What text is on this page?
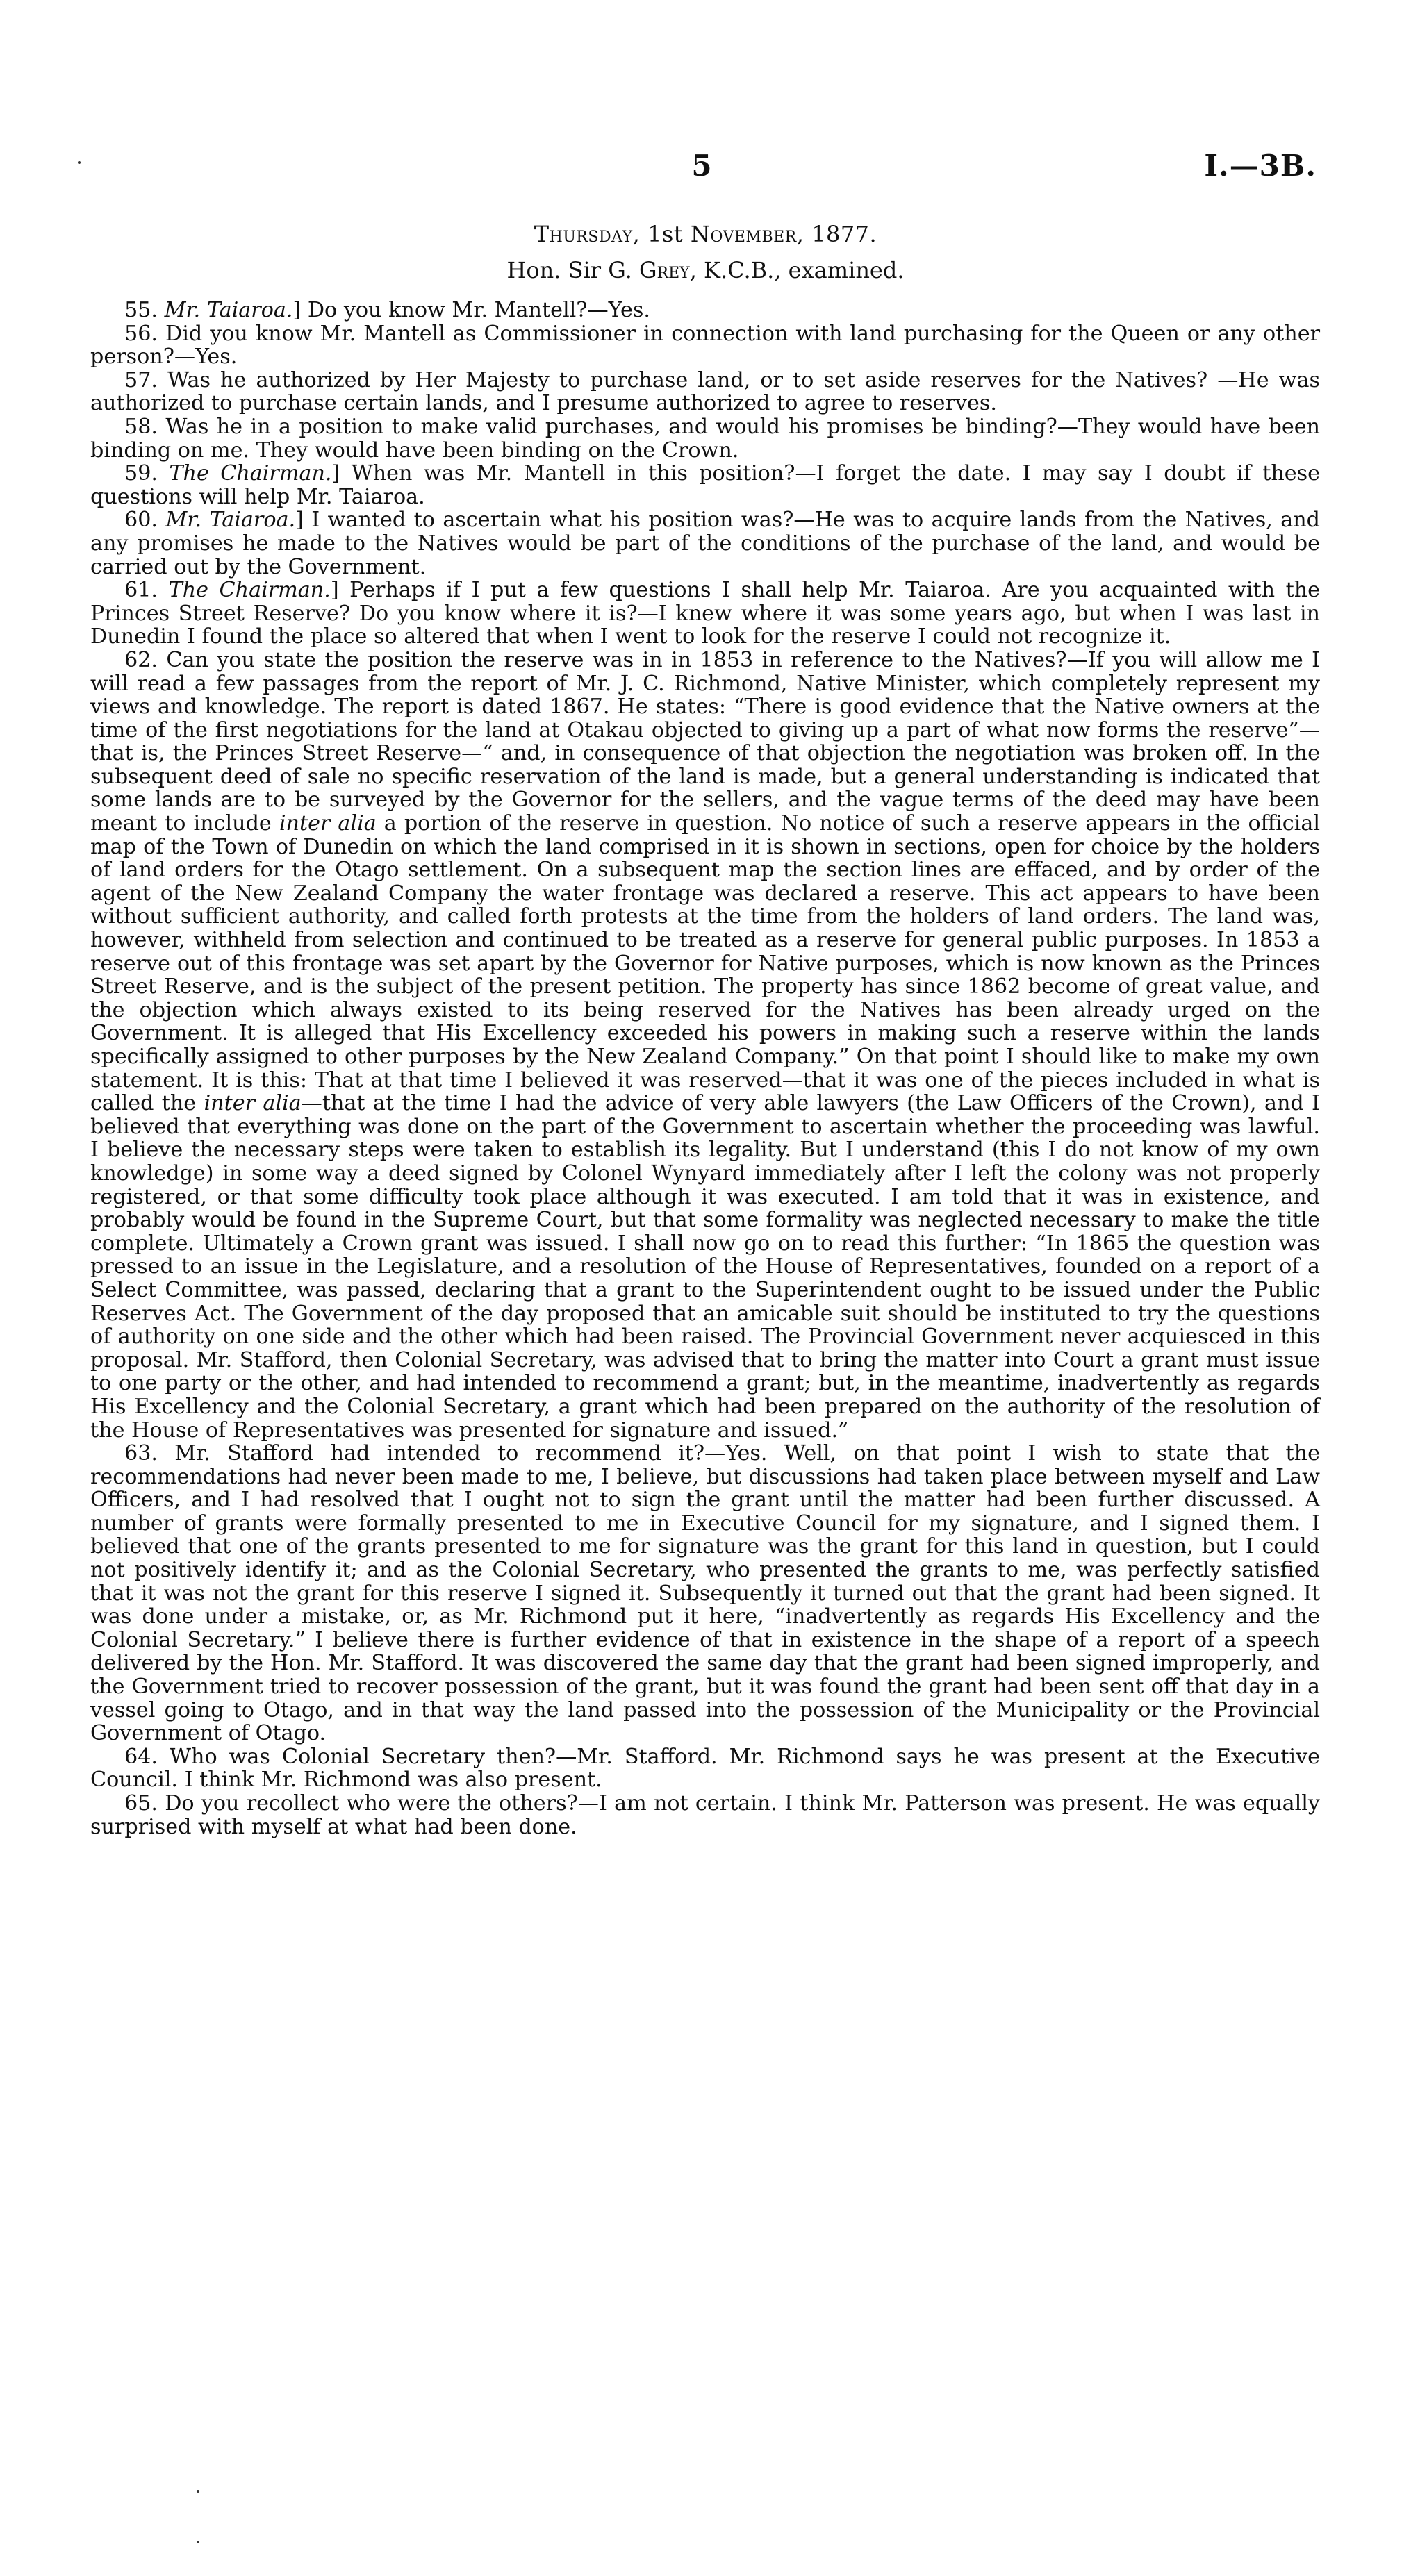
5	I.—3B.
Thursday, 1st November, 1877.
Hon. Sir G. Grey, K.C.B., examined.

55. Mr. Taiaroa.] Do you know Mr. Mantell?—Yes.

56. Did you know Mr. Mantell as Commissioner in connection with land purchasing for the Queen or any other person?—Yes.

57. Was he authorized by Her Majesty to purchase land, or to set aside reserves for the Natives? —He was authorized to purchase certain lands, and I presume authorized to agree to reserves.

58. Was he in a position to make valid purchases, and would his promises be binding?—They would have been binding on me. They would have been binding on the Crown.

59. The Chairman.] When was Mr. Mantell in this position?—I forget the date. I may say I doubt if these questions will help Mr. Taiaroa.

60. Mr. Taiaroa.] I wanted to ascertain what his position was?—He was to acquire lands from the Natives, and any promises he made to the Natives would be part of the conditions of the purchase of the land, and would be carried out by the Government.

61. The Chairman.] Perhaps if I put a few questions I shall help Mr. Taiaroa. Are you acquainted with the Princes Street Reserve? Do you know where it is?—I knew where it was some years ago, but when I was last in Dunedin I found the place so altered that when I went to look for the reserve I could not recognize it.

62. Can you state the position the reserve was in in 1853 in reference to the Natives?—If you will allow me I will read a few passages from the report of Mr. J. C. Richmond, Native Minister, which completely represent my views and knowledge. The report is dated 1867. He states: “There is good evidence that the Native owners at the time of the first negotiations for the land at Otakau objected to giving up a part of what now forms the reserve”—that is, the Princes Street Reserve—“ and, in consequence of that objection the negotiation was broken off. In the subsequent deed of sale no specific reservation of the land is made, but a general understanding is indicated that some lands are to be surveyed by the Governor for the sellers, and the vague terms of the deed may have been meant to include inter alia a portion of the reserve in question. No notice of such a reserve appears in the official map of the Town of Dunedin on which the land comprised in it is shown in sections, open for choice by the holders of land orders for the Otago settlement. On a subsequent map the section lines are effaced, and by order of the agent of the New Zealand Company the water frontage was declared a reserve. This act appears to have been without sufficient authority, and called forth protests at the time from the holders of land orders. The land was, however, withheld from selection and continued to be treated as a reserve for general public purposes. In 1853 a reserve out of this frontage was set apart by the Governor for Native purposes, which is now known as the Princes Street Reserve, and is the subject of the present petition. The property has since 1862 become of great value, and the objection which always existed to its being reserved for the Natives has been already urged on the Government. It is alleged that His Excellency exceeded his powers in making such a reserve within the lands specifically assigned to other purposes by the New Zealand Company.” On that point I should like to make my own statement. It is this: That at that time I believed it was reserved—that it was one of the pieces included in what is called the inter alia—that at the time I had the advice of very able lawyers (the Law Officers of the Crown), and I believed that everything was done on the part of the Government to ascertain whether the proceeding was lawful. I believe the necessary steps were taken to establish its legality. But I understand (this I do not know of my own knowledge) in some way a deed signed by Colonel Wynyard immediately after I left the colony was not properly registered, or that some difficulty took place although it was executed. I am told that it was in existence, and probably would be found in the Supreme Court, but that some formality was neglected necessary to make the title complete. Ultimately a Crown grant was issued. I shall now go on to read this further: “In 1865 the question was pressed to an issue in the Legislature, and a resolution of the House of Representatives, founded on a report of a Select Committee, was passed, declaring that a grant to the Superintendent ought to be issued under the Public Reserves Act. The Government of the day proposed that an amicable suit should be instituted to try the questions of authority on one side and the other which had been raised. The Provincial Government never acquiesced in this proposal. Mr. Stafford, then Colonial Secretary, was advised that to bring the matter into Court a grant must issue to one party or the other, and had intended to recommend a grant; but, in the meantime, inadvertently as regards His Excellency and the Colonial Secretary, a grant which had been prepared on the authority of the resolution of the House of Representatives was presented for signature and issued.”

63. Mr. Stafford had intended to recommend it?—Yes. Well, on that point I wish to state that the recommendations had never been made to me, I believe, but discussions had taken place between myself and Law Officers, and I had resolved that I ought not to sign the grant until the matter had been further discussed. A number of grants were formally presented to me in Executive Council for my signature, and I signed them. I believed that one of the grants presented to me for signature was the grant for this land in question, but I could not positively identify it; and as the Colonial Secretary, who presented the grants to me, was perfectly satisfied that it was not the grant for this reserve I signed it. Subsequently it turned out that the grant had been signed. It was done under a mistake, or, as Mr. Richmond put it here, “inadvertently as regards His Excellency and the Colonial Secretary.” I believe there is further evidence of that in existence in the shape of a report of a speech delivered by the Hon. Mr. Stafford. It was discovered the same day that the grant had been signed improperly, and the Government tried to recover possession of the grant, but it was found the grant had been sent off that day in a vessel going to Otago, and in that way the land passed into the possession of the Municipality or the Provincial Government of Otago.

64. Who was Colonial Secretary then?—Mr. Stafford. Mr. Richmond says he was present at the Executive Council. I think Mr. Richmond was also present.

65. Do you recollect who were the others?—I am not certain. I think Mr. Patterson was present. He was equally surprised with myself at what had been done.
